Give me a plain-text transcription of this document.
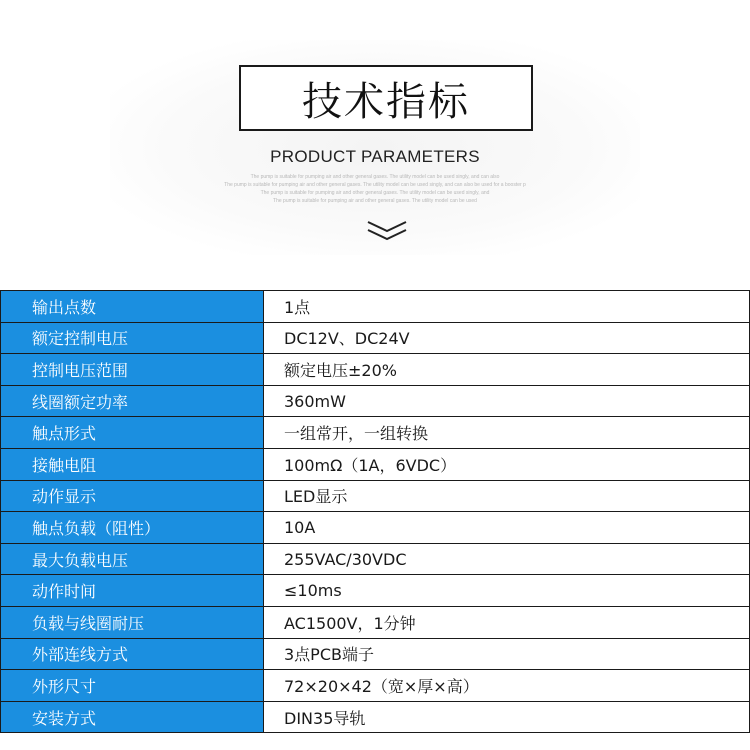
技术指标
PRODUCT PARAMETERS
The pump is suitable for pumping air and other general gases. The utility model can be used singly, and can also
The pump is suitable for pumping air and other general gases. The utility model can be used singly, and can also be used for a booster p
The pump is suitable for pumping air and other general gases. The utility model can be used singly, and
The pump is suitable for pumping air and other general gases. The utility model can be used
输出点数	1点
额定控制电压	DC12V、DC24V
控制电压范围	额定电压±20%
线圈额定功率	360mW
触点形式	一组常开，一组转换
接触电阻	100mΩ（1A，6VDC）
动作显示	LED显示
触点负载（阻性）	10A
最大负载电压	255VAC/30VDC
动作时间	≤10ms
负载与线圈耐压	AC1500V，1分钟
外部连线方式	3点PCB端子
外形尺寸	72×20×42（宽×厚×高）
安装方式	DIN35导轨
